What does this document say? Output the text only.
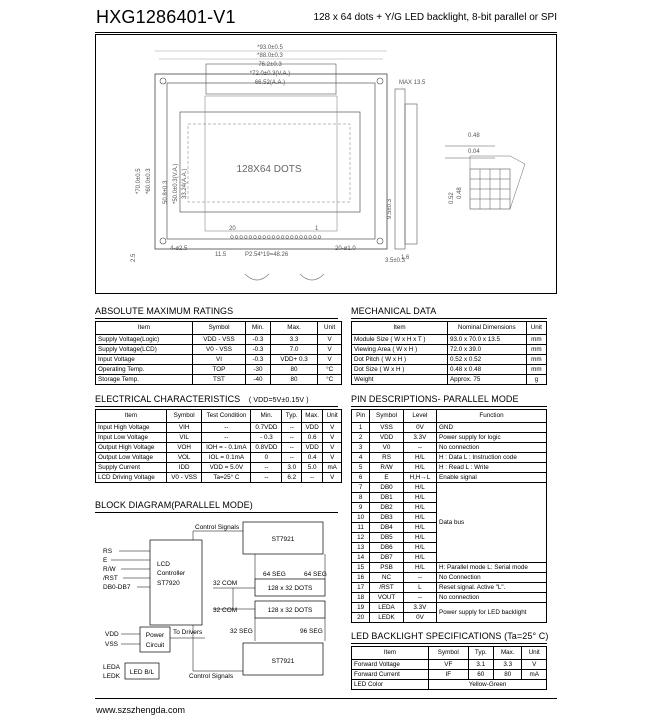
HXG1286401-V1	128 x 64 dots + Y/G LED backlight, 8-bit parallel or SPI
128X64 DOTS
*93.0±0.5
*88.0±0.3
76.2±0.3
*72.0±0.3(V.A.)
66.52(A.A.)
*70.0±0.5 *60.0±0.3	*50.0±0.3(V.A.)
50.8±0.3 33.24(A.A.)
MAX 13.5
1.6
9.5±0.3
0.48
0.04
0.52 0.48
2.5
4-ø2.5
11.5	P2.54*19=48.26
20-ø1.0
3.5±0.3
20	1
ABSOLUTE MAXIMUM RATINGS
Item	Symbol	Min.	Max.	Unit
Supply Voltage(Logic)	VDD - VSS	-0.3	3.3	V
Supply Voltage(LCD)	V0 - VSS	-0.3	7.0	V
Input Voltage	VI	-0.3	VDD+ 0.3	V
Operating Temp.	TOP	-30	80	°C
Storage Temp.	TST	-40	80	°C
MECHANICAL DATA
Item	Nominal Dimensions	Unit
Module Size ( W x H x T )	93.0 x 70.0 x 13.5	mm
Viewing Area ( W x H )	72.0 x 39.0	mm
Dot Pitch ( W x H )	0.52 x 0.52	mm
Dot Size ( W x H )	0.48 x 0.48	mm
Weight	Approx. 75	g
ELECTRICAL CHARACTERISTICS ( VDD=5V±0.15V )
Item	Symbol	Test Condition	Min.	Typ.	Max.	Unit
Input High Voltage	VIH	--	0.7VDD	--	VDD	V
Input Low Voltage	VIL	--	- 0.3	--	0.6	V
Output High Voltage	VOH	IOH = - 0.1mA	0.8VDD	--	VDD	V
Output Low Voltage	VOL	IOL = 0.1mA	0	--	0.4	V
Supply Current	IDD	VDD = 5.0V	--	3.0	5.0	mA
LCD Driving Voltage	V0 - VSS	Ta=25° C	--	6.2	--	V
PIN DESCRIPTIONS- PARALLEL MODE
Pin	Symbol	Level	Function
1	VSS	0V	GND
2	VDD	3.3V	Power supply for logic
3	V0	--	No connection
4	RS	H/L	H : Data L : Instruction code
5	R/W	H/L	H : Read L : Write
6	E	H,H→L	Enable signal
7	DB0	H/L	Data bus
8	DB1	H/L	
9	DB2	H/L	
10	DB3	H/L	
11	DB4	H/L	
12	DB5	H/L	
13	DB6	H/L	
14	DB7	H/L	
15	PSB	H/L	H: Parallel mode L: Serial mode
16	NC	--	No Connection
17	/RST	L	Reset signal. Active "L".
18	VOUT	--	No connection
19	LEDA	3.3V	Power supply for LED backlight
20	LEDK	0V	
BLOCK DIAGRAM(PARALLEL MODE)
ST7921
Control Signals
LCD
Controller
ST7920
RS
E
R/W
/RST
DB0-DB7	128 x 32 DOTS
128 x 32 DOTS
64 SEG	64 SEG
32 COM
32 COM
32 SEG	96 SEG
VDD
VSS
Power
Circuit
To Drivers
ST7921
Control Signals
LEDA
LEDK
LED B/L
LED BACKLIGHT SPECIFICATIONS (Ta=25° C)
Item	Symbol	Typ.	Max.	Unit
Forward Voltage	VF	3.1	3.3	V
Forward Current	IF	60	80	mA
LED Color	Yellow-Green			
www.szszhengda.com
